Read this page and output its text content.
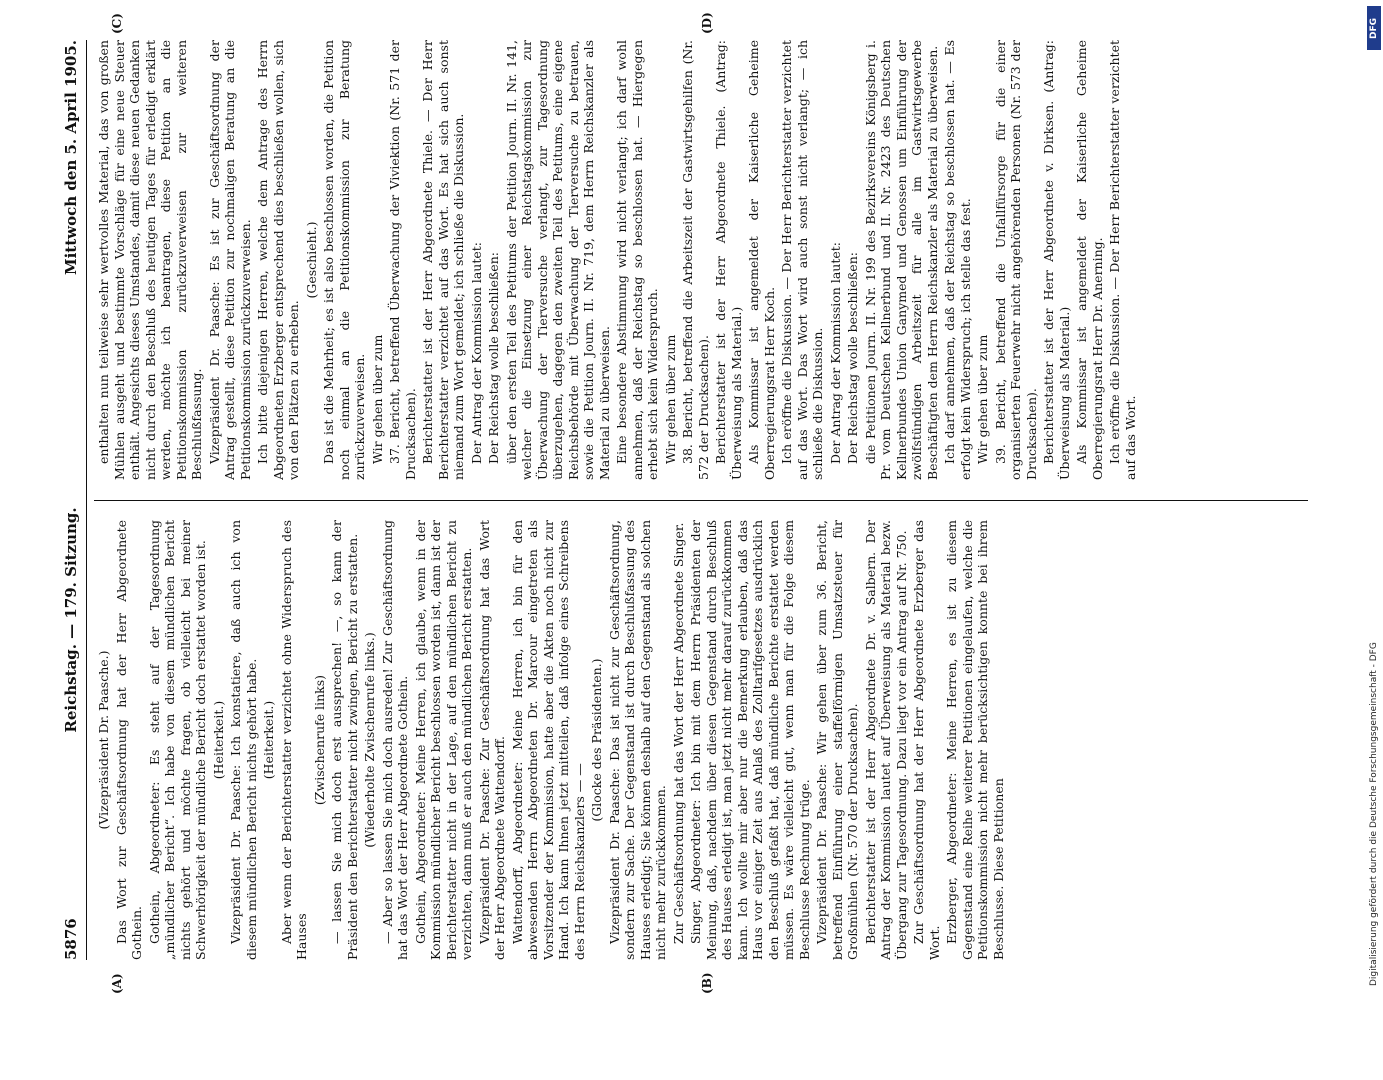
5876
Reichstag. — 179. Sitzung.
Mittwoch den 5. April 1905.

(Vizepräsident Dr. Paasche.) Das Wort zur Geschäftsordnung hat der Herr Abgeordnete Gothein. Gothein, Abgeordneter: Es steht auf der Tagesordnung „mündlicher Bericht“. Ich habe von diesem mündlichen Bericht nichts gehört und möchte fragen, ob vielleicht bei meiner Schwerhörigkeit der mündliche Bericht doch erstattet worden ist. (Heiterkeit.) Vizepräsident Dr. Paasche: Ich konstatiere, daß auch ich von diesem mündlichen Bericht nichts gehört habe. (Heiterkeit.) Aber wenn der Berichterstatter verzichtet ohne Widerspruch des Hauses

(Zwischenrufe links) — lassen Sie mich doch erst aussprechen! —, so kann der Präsident den Berichterstatter nicht zwingen, Bericht zu erstatten. (Wiederholte Zwischenrufe links.) — Aber so lassen Sie mich doch ausreden! Zur Geschäftsordnung hat das Wort der Herr Abgeordnete Gothein. Gothein, Abgeordneter: Meine Herren, ich glaube, wenn in der Kommission mündlicher Bericht beschlossen worden ist, dann ist der Berichterstatter nicht in der Lage, auf den mündlichen Bericht zu verzichten, dann muß er auch den mündlichen Bericht erstatten. Vizepräsident Dr. Paasche: Zur Geschäftsordnung hat das Wort der Herr Abgeordnete Wattendorff. Wattendorff, Abgeordneter: Meine Herren, ich bin für den abwesenden Herrn Abgeordneten Dr. Marcour eingetreten als Vorsitzender der Kommission, hatte aber die Akten noch nicht zur Hand. Ich kann Ihnen jetzt mitteilen, daß infolge eines Schreibens des Herrn Reichskanzlers — —

(Glocke des Präsidenten.) Vizepräsident Dr. Paasche: Das ist nicht zur Geschäftsordnung, sondern zur Sache. Der Gegenstand ist durch Beschlußfassung des Hauses erledigt; Sie können deshalb auf den Gegenstand als solchen nicht mehr zurückkommen. Zur Geschäftsordnung hat das Wort der Herr Abgeordnete Singer. Singer, Abgeordneter: Ich bin mit dem Herrn Präsidenten der Meinung, daß, nachdem über diesen Gegenstand durch Beschluß des Hauses erledigt ist, man jetzt nicht mehr darauf zurückkommen kann. Ich wollte mir aber nur die Bemerkung erlauben, daß das Haus vor einiger Zeit aus Anlaß des Zolltarifgesetzes ausdrücklich den Beschluß gefaßt hat, daß mündliche Berichte erstattet werden müssen. Es wäre vielleicht gut, wenn man für die Folge diesem Beschlusse Rechnung trüge. Vizepräsident Dr. Paasche: Wir gehen über zum 36. Bericht, betreffend Einführung einer staffelförmigen Umsatzsteuer für Großmühlen (Nr. 570 der Drucksachen). Berichterstatter ist der Herr Abgeordnete Dr. v. Salbern. Der Antrag der Kommission lautet auf Überweisung als Material bezw. Übergang zur Tagesordnung. Dazu liegt vor ein Antrag auf Nr. 750. Zur Geschäftsordnung hat der Herr Abgeordnete Erzberger das Wort. Erzberger, Abgeordneter: Meine Herren, es ist zu diesem Gegenstand eine Reihe weiterer Petitionen eingelaufen, welche die Petitionskommission nicht mehr berücksichtigen konnte bei ihrem Beschlusse. Diese Petitionen

enthalten nun teilweise sehr wertvolles Material, das von großen Mühlen ausgeht und bestimmte Vorschläge für eine neue Steuer enthält. Angesichts dieses Umstandes, damit diese neuen Gedanken nicht durch den Beschluß des heutigen Tages für erledigt erklärt werden, möchte ich beantragen, diese Petition an die Petitionskommission zurückzuverweisen zur weiteren Beschlußfassung. Vizepräsident Dr. Paasche: Es ist zur Geschäftsordnung der Antrag gestellt, diese Petition zur nochmaligen Beratung an die Petitionskommission zurückzuverweisen. Ich bitte diejenigen Herren, welche dem Antrage des Herrn Abgeordneten Erzberger entsprechend dies beschließen wollen, sich von den Plätzen zu erheben.

(Geschieht.) Das ist die Mehrheit; es ist also beschlossen worden, die Petition noch einmal an die Petitionskommission zur Beratung zurückzuverweisen. Wir gehen über zum 37. Bericht, betreffend Überwachung der Viviektion (Nr. 571 der Drucksachen). Berichterstatter ist der Herr Abgeordnete Thiele. — Der Herr Berichterstatter verzichtet auf das Wort. Es hat sich auch sonst niemand zum Wort gemeldet; ich schließe die Diskussion. Der Antrag der Kommission lautet: Der Reichstag wolle beschließen: über den ersten Teil des Petitums der Petition Journ. II. Nr. 141, welcher die Einsetzung einer Reichstagskommission zur Überwachung der Tierversuche verlangt, zur Tagesordnung überzugehen, dagegen den zweiten Teil des Petitums, eine eigene Reichsbehörde mit Überwachung der Tierversuche zu betrauen, sowie die Petition Journ. II. Nr. 719, dem Herrn Reichskanzler als Material zu überweisen. Eine besondere Abstimmung wird nicht verlangt; ich darf wohl annehmen, daß der Reichstag so beschlossen hat. — Hiergegen erhebt sich kein Widerspruch. Wir gehen über zum 38. Bericht, betreffend die Arbeitszeit der Gastwirtsgehilfen (Nr. 572 der Drucksachen). Berichterstatter ist der Herr Abgeordnete Thiele. (Antrag: Überweisung als Material.) Als Kommissar ist angemeldet der Kaiserliche Geheime Oberregierungsrat Herr Koch. Ich eröffne die Diskussion. — Der Herr Berichterstatter verzichtet auf das Wort. Das Wort wird auch sonst nicht verlangt; — ich schließe die Diskussion. Der Antrag der Kommission lautet: Der Reichstag wolle beschließen: die Petitionen Journ. II. Nr. 199 des Bezirksvereins Königsberg i. Pr. vom Deutschen Kellnerbund und II. Nr. 2423 des Deutschen Kellnerbundes Union Ganymed und Genossen um Einführung der zwölfstündigen Arbeitszeit für alle im Gastwirtsgewerbe Beschäftigten dem Herrn Reichskanzler als Material zu überweisen. Ich darf annehmen, daß der Reichstag so beschlossen hat. — Es erfolgt kein Widerspruch; ich stelle das fest. Wir gehen über zum 39. Bericht, betreffend die Unfallfürsorge für die einer organisierten Feuerwehr nicht angehörenden Personen (Nr. 573 der Drucksachen). Berichterstatter ist der Herr Abgeordnete v. Dirksen. (Antrag: Überweisung als Material.) Als Kommissar ist angemeldet der Kaiserliche Geheime Oberregierungsrat Herr Dr. Anerning. Ich eröffne die Diskussion. — Der Herr Berichterstatter verzichtet auf das Wort.

(A)	(B)
(C)	(D)	DFG
Digitalisierung gefördert durch die Deutsche Forschungsgemeinschaft - DFG
